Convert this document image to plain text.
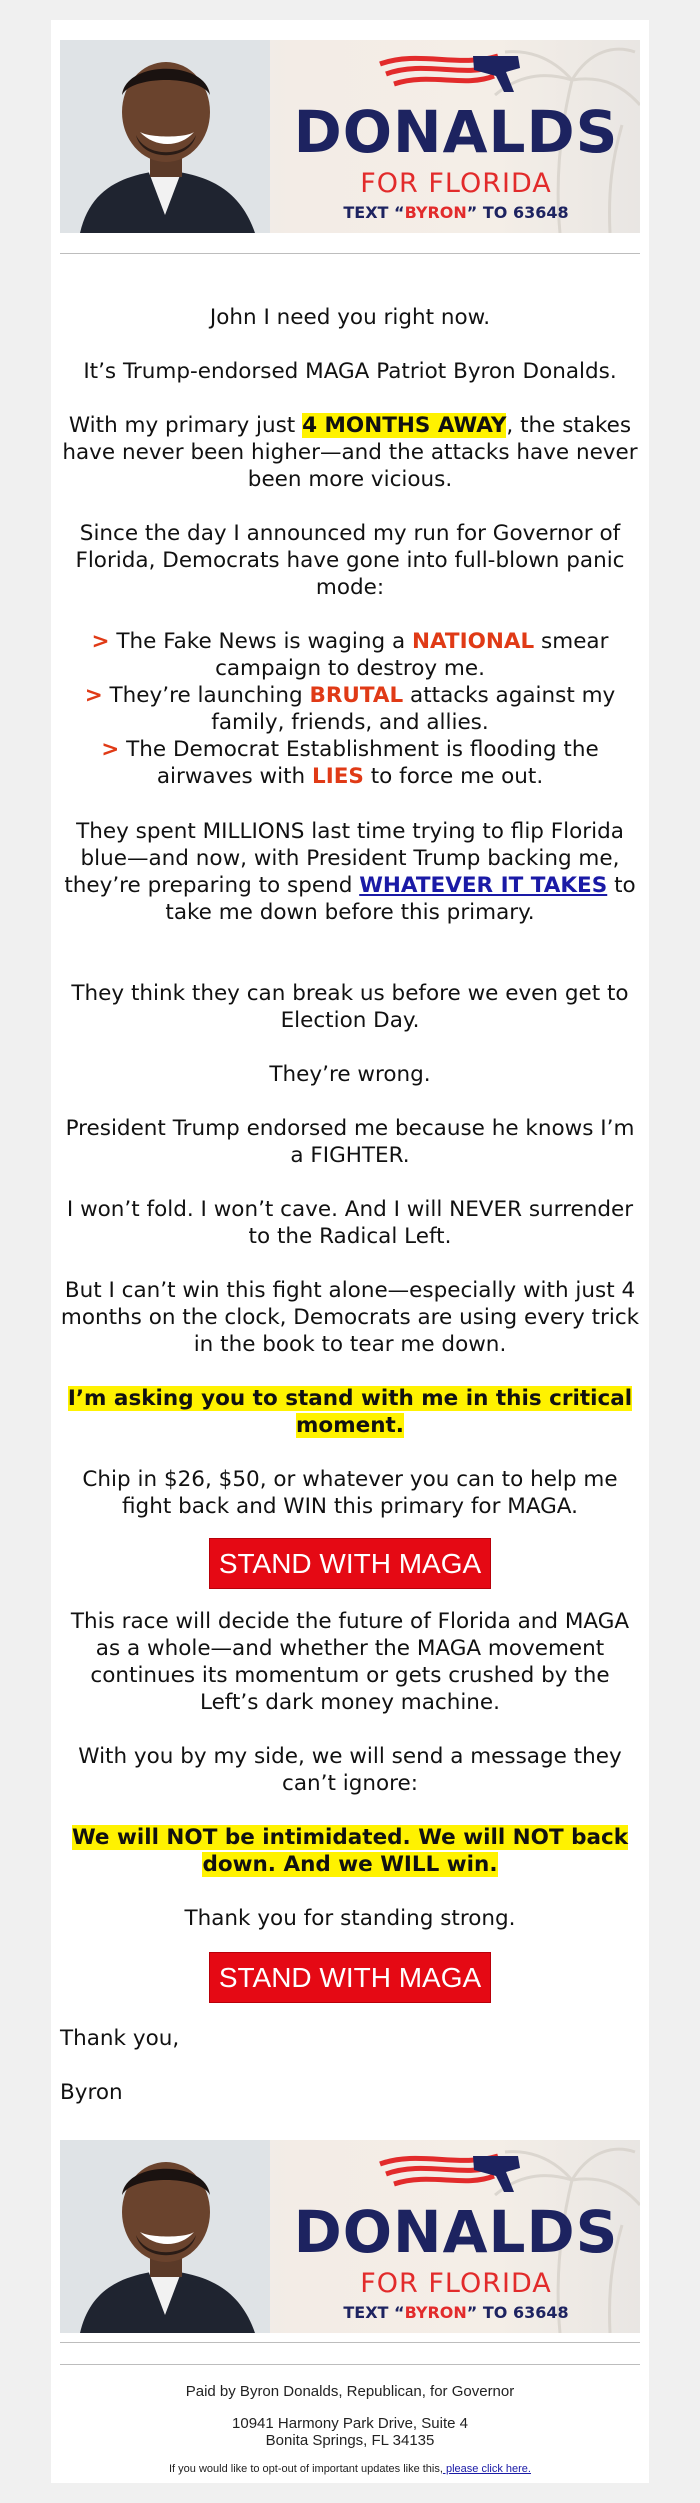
DONALDS
FOR FLORIDA
TEXT “BYRON” TO 63648

John I need you right now.

It’s Trump-endorsed MAGA Patriot Byron Donalds.

With my primary just 4 MONTHS AWAY, the stakes have never been higher—and the attacks have never been more vicious.

Since the day I announced my run for Governor of Florida, Democrats have gone into full-blown panic mode:

> The Fake News is waging a NATIONAL smear campaign to destroy me.
> They’re launching BRUTAL attacks against my family, friends, and allies.
> The Democrat Establishment is flooding the airwaves with LIES to force me out.

They spent MILLIONS last time trying to flip Florida blue—and now, with President Trump backing me, they’re preparing to spend WHATEVER IT TAKES to take me down before this primary.

They think they can break us before we even get to Election Day.

They’re wrong.

President Trump endorsed me because he knows I’m a FIGHTER.

I won’t fold. I won’t cave. And I will NEVER surrender to the Radical Left.

But I can’t win this fight alone—especially with just 4 months on the clock, Democrats are using every trick in the book to tear me down.

I’m asking you to stand with me in this critical moment.

Chip in $26, $50, or whatever you can to help me fight back and WIN this primary for MAGA.

STAND WITH MAGA

This race will decide the future of Florida and MAGA as a whole—and whether the MAGA movement continues its momentum or gets crushed by the Left’s dark money machine.

With you by my side, we will send a message they can’t ignore:

We will NOT be intimidated. We will NOT back down. And we WILL win.

Thank you for standing strong.

STAND WITH MAGA

Thank you,

Byron

DONALDS
FOR FLORIDA
TEXT “BYRON” TO 63648
Paid by Byron Donalds, Republican, for Governor
10941 Harmony Park Drive, Suite 4
Bonita Springs, FL 34135
If you would like to opt-out of important updates like this, please click here.
